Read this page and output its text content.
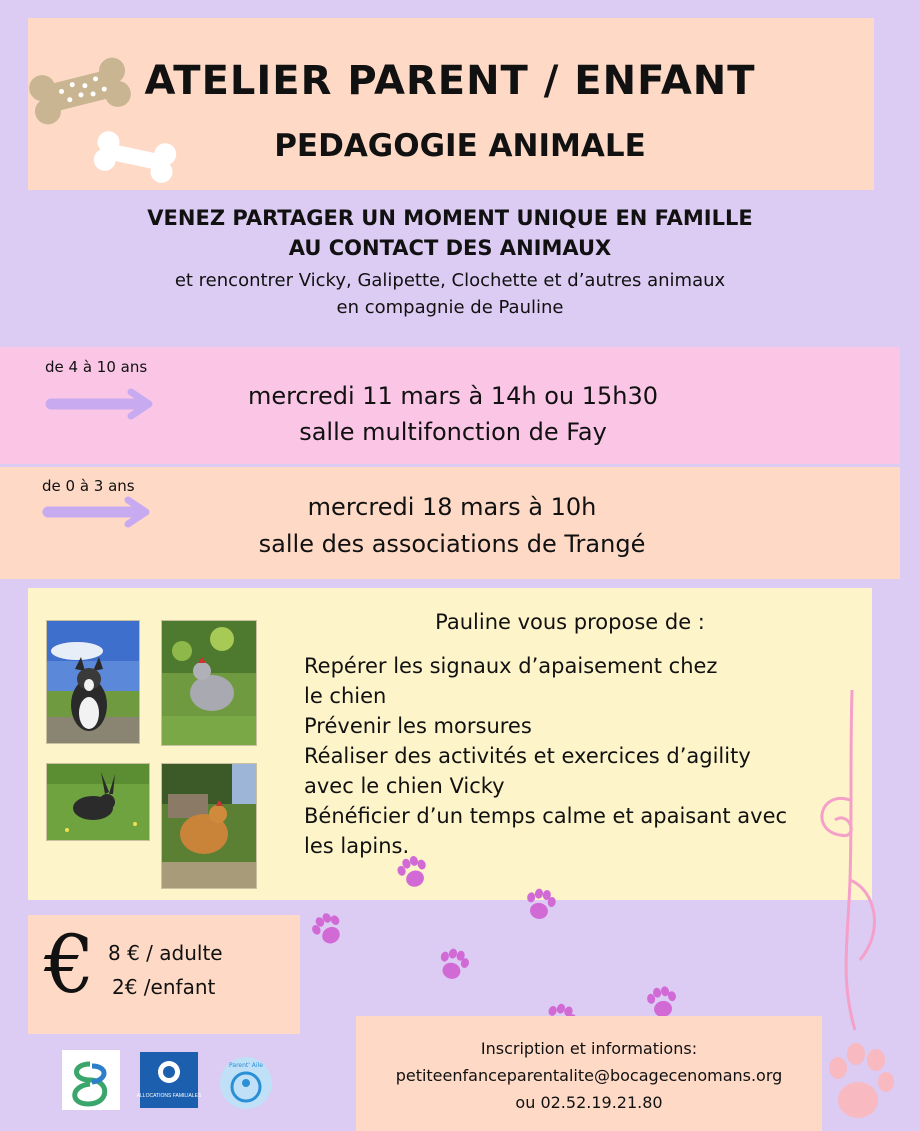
ATELIER PARENT / ENFANT
PEDAGOGIE ANIMALE
VENEZ PARTAGER UN MOMENT UNIQUE EN FAMILLE
AU CONTACT DES ANIMAUX
et rencontrer Vicky, Galipette, Clochette et d’autres animaux
en compagnie de Pauline
de 4 à 10 ans
mercredi 11 mars à 14h ou 15h30
salle multifonction de Fay
de 0 à 3 ans
mercredi 18 mars à 10h
salle des associations de Trangé
Pauline vous propose de :
Repérer les signaux d’apaisement chez
le chien
Prévenir les morsures
Réaliser des activités et exercices d’agility
avec le chien Vicky
Bénéficier d’un temps calme et apaisant avec
les lapins.
€ 8 € / adulte
2€ /enfant
ALLOCATIONS FAMILIALES
Parent' Aile
Inscription et informations:
petiteenfanceparentalite@bocagecenomans.org
ou 02.52.19.21.80
